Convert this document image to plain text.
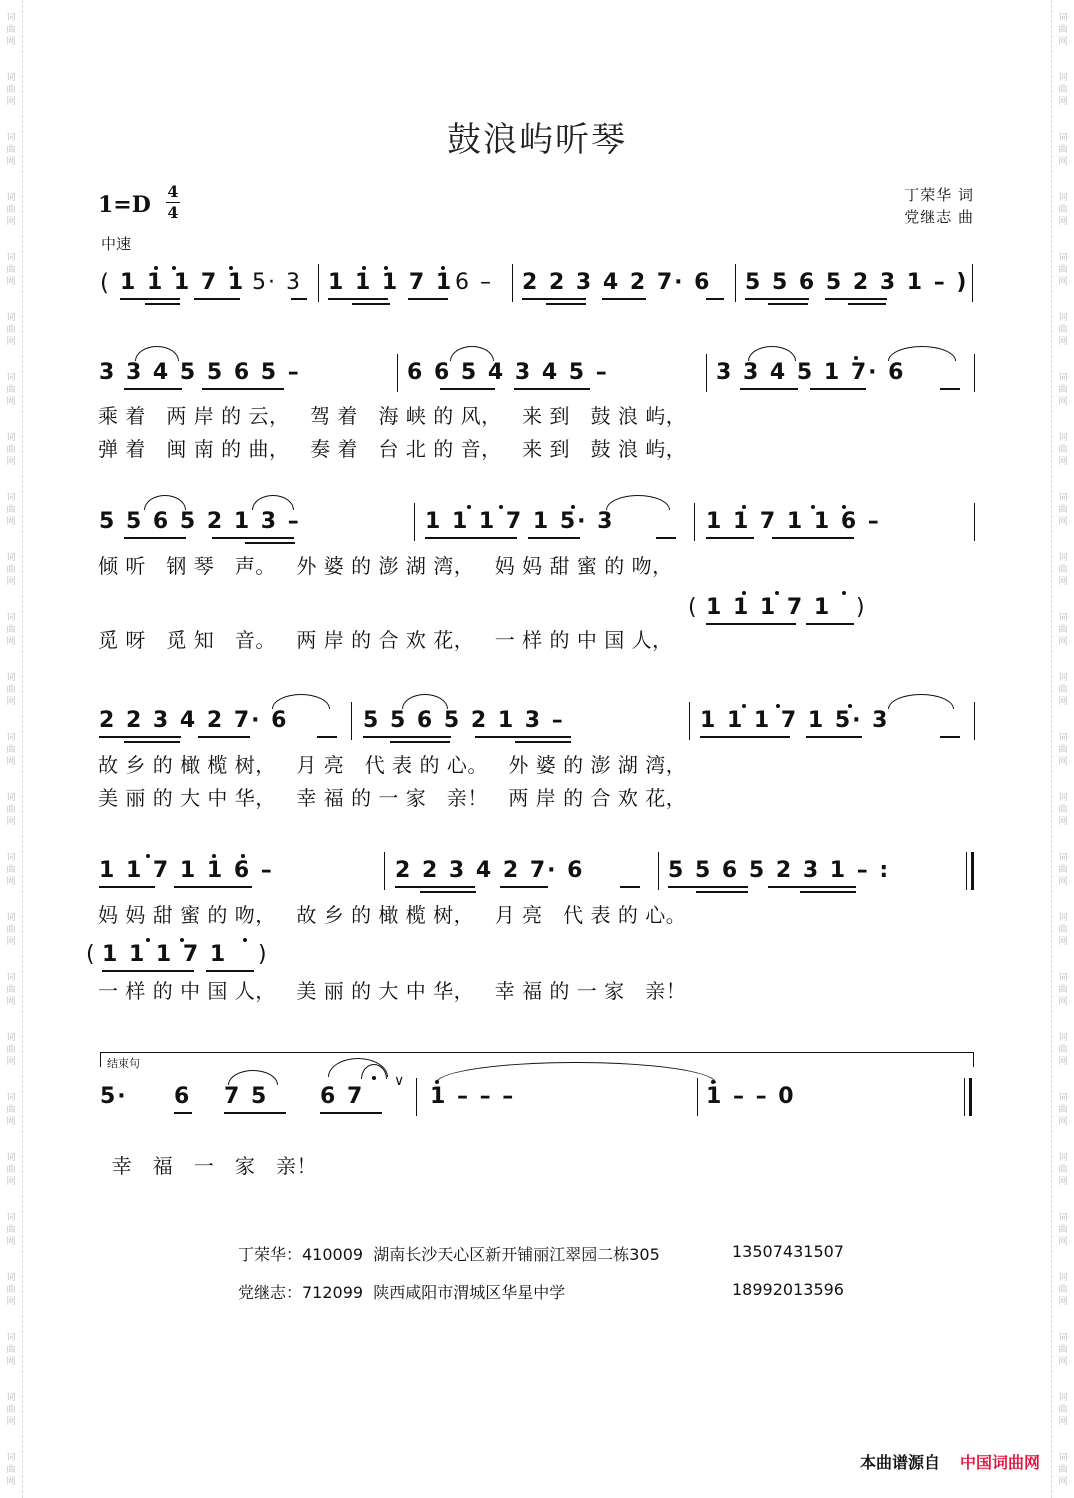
词
曲
网
词
曲
网
词
曲
网
词
曲
网
词
曲
网
词
曲
网
词
曲
网
词
曲
网
词
曲
网
词
曲
网
词
曲
网
词
曲
网
词
曲
网
词
曲
网
词
曲
网
词
曲
网
词
曲
网
词
曲
网
词
曲
网
词
曲
网
词
曲
网
词
曲
网
词
曲
网
词
曲
网
词
曲
网
词
曲
网
词
曲
网
词
曲
网
词
曲
网
词
曲
网
词
曲
网
词
曲
网
词
曲
网
词
曲
网
词
曲
网
词
曲
网
词
曲
网
词
曲
网
词
曲
网
词
曲
网
词
曲
网
词
曲
网
词
曲
网
词
曲
网
词
曲
网
词
曲
网
词
曲
网
词
曲
网
词
曲
网
词
曲
网
鼓浪屿听琴
1=D
4
4
中速
丁荣华 词
党继志 曲
( 1 1 1 7 1 5· 3 1 1 1 7 1 6 – 2 2 3 4 2 7· 6 5 5 6 5 2 3 1 – )
3 3 4 5 5 6 5 –	6 6 5 4 3 4 5 –	3 3 4 5 1 7· 6
乘 着   两 岸 的 云，   驾 着   海 峡 的 风，   来 到   鼓 浪 屿，
弹 着   闽 南 的 曲，   奏 着   台 北 的 音，   来 到   鼓 浪 屿，
5 5 6 5 2 1 3 –	1 1 1 7 1 5· 3	1 1 7 1 1 6 –
倾 听   钢 琴   声。   外 婆 的 澎 湖 湾，   妈 妈 甜 蜜 的 吻，
( 1 1 1 7 1 )
觅 呀   觅 知   音。   两 岸 的 合 欢 花，   一 样 的 中 国 人，
2 2 3 4 2 7· 6	5 5 6 5 2 1 3 –	1 1 1 7 1 5· 3
故 乡 的 橄 榄 树，   月 亮   代 表 的 心。   外 婆 的 澎 湖 湾，
美 丽 的 大 中 华，   幸 福 的 一 家   亲！   两 岸 的 合 欢 花，
1 1 7 1 1 6 –	2 2 3 4 2 7· 6	5 5 6 5 2 3 1 – :
妈 妈 甜 蜜 的 吻，   故 乡 的 橄 榄 树，   月 亮   代 表 的 心。
( 1 1 1 7 1 )
一 样 的 中 国 人，   美 丽 的 大 中 华，   幸 福 的 一 家   亲！
结束句
5· 6 7 5 6 7
∨
1 – – –	1 – – 0

幸   福   一   家   亲！

丁荣华：410009  湖南长沙天心区新开铺丽江翠园二栋305	13507431507
党继志：712099  陕西咸阳市渭城区华星中学	18992013596
本曲谱源自 中国词曲网
